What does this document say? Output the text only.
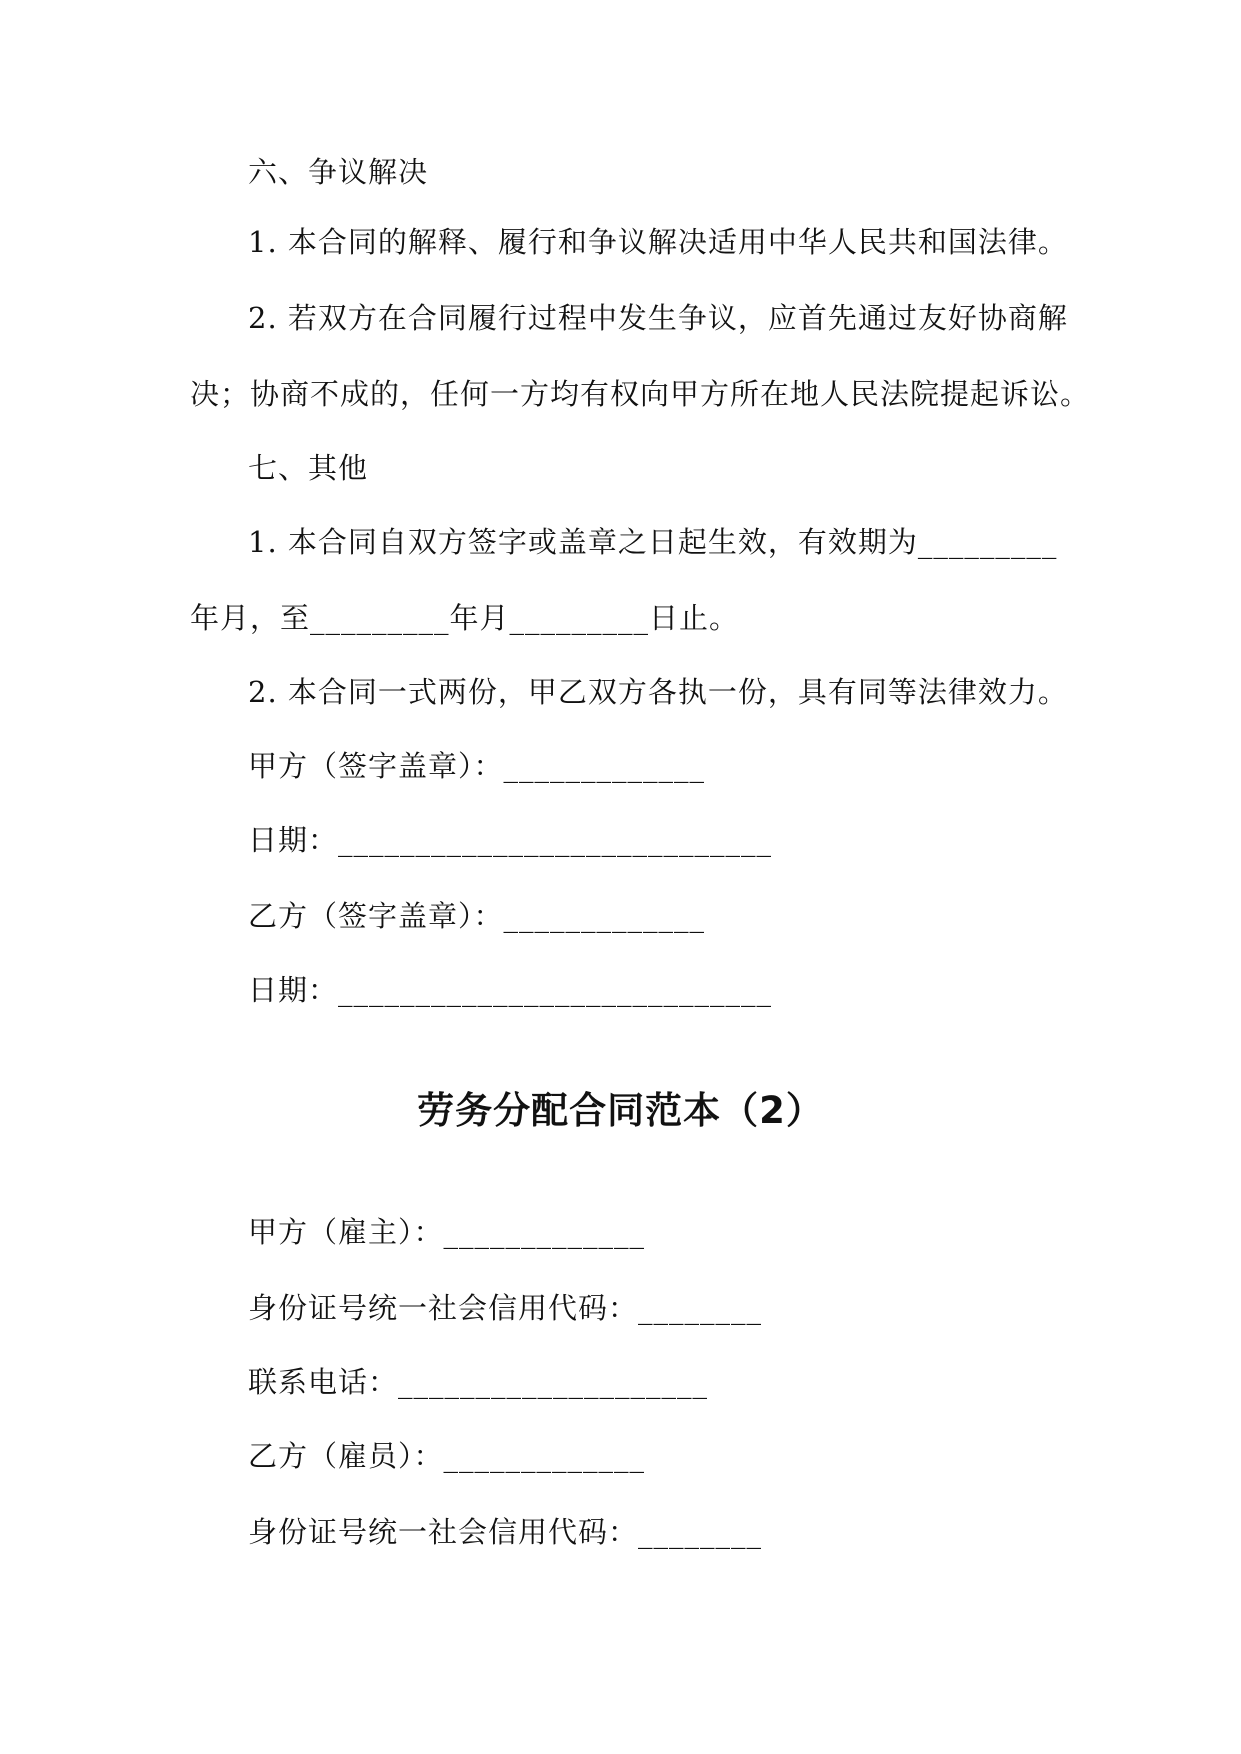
六、争议解决
1. 本合同的解释、履行和争议解决适用中华人民共和国法律。
2. 若双方在合同履行过程中发生争议，应首先通过友好协商解
决；协商不成的，任何一方均有权向甲方所在地人民法院提起诉讼。
七、其他
1. 本合同自双方签字或盖章之日起生效，有效期为_________
年月，至_________年月_________日止。
2. 本合同一式两份，甲乙双方各执一份，具有同等法律效力。
甲方（签字盖章）：_____________
日期：____________________________
乙方（签字盖章）：_____________
日期：____________________________
劳务分配合同范本（2）
甲方（雇主）：_____________
身份证号统一社会信用代码：________
联系电话：____________________
乙方（雇员）：_____________
身份证号统一社会信用代码：________
